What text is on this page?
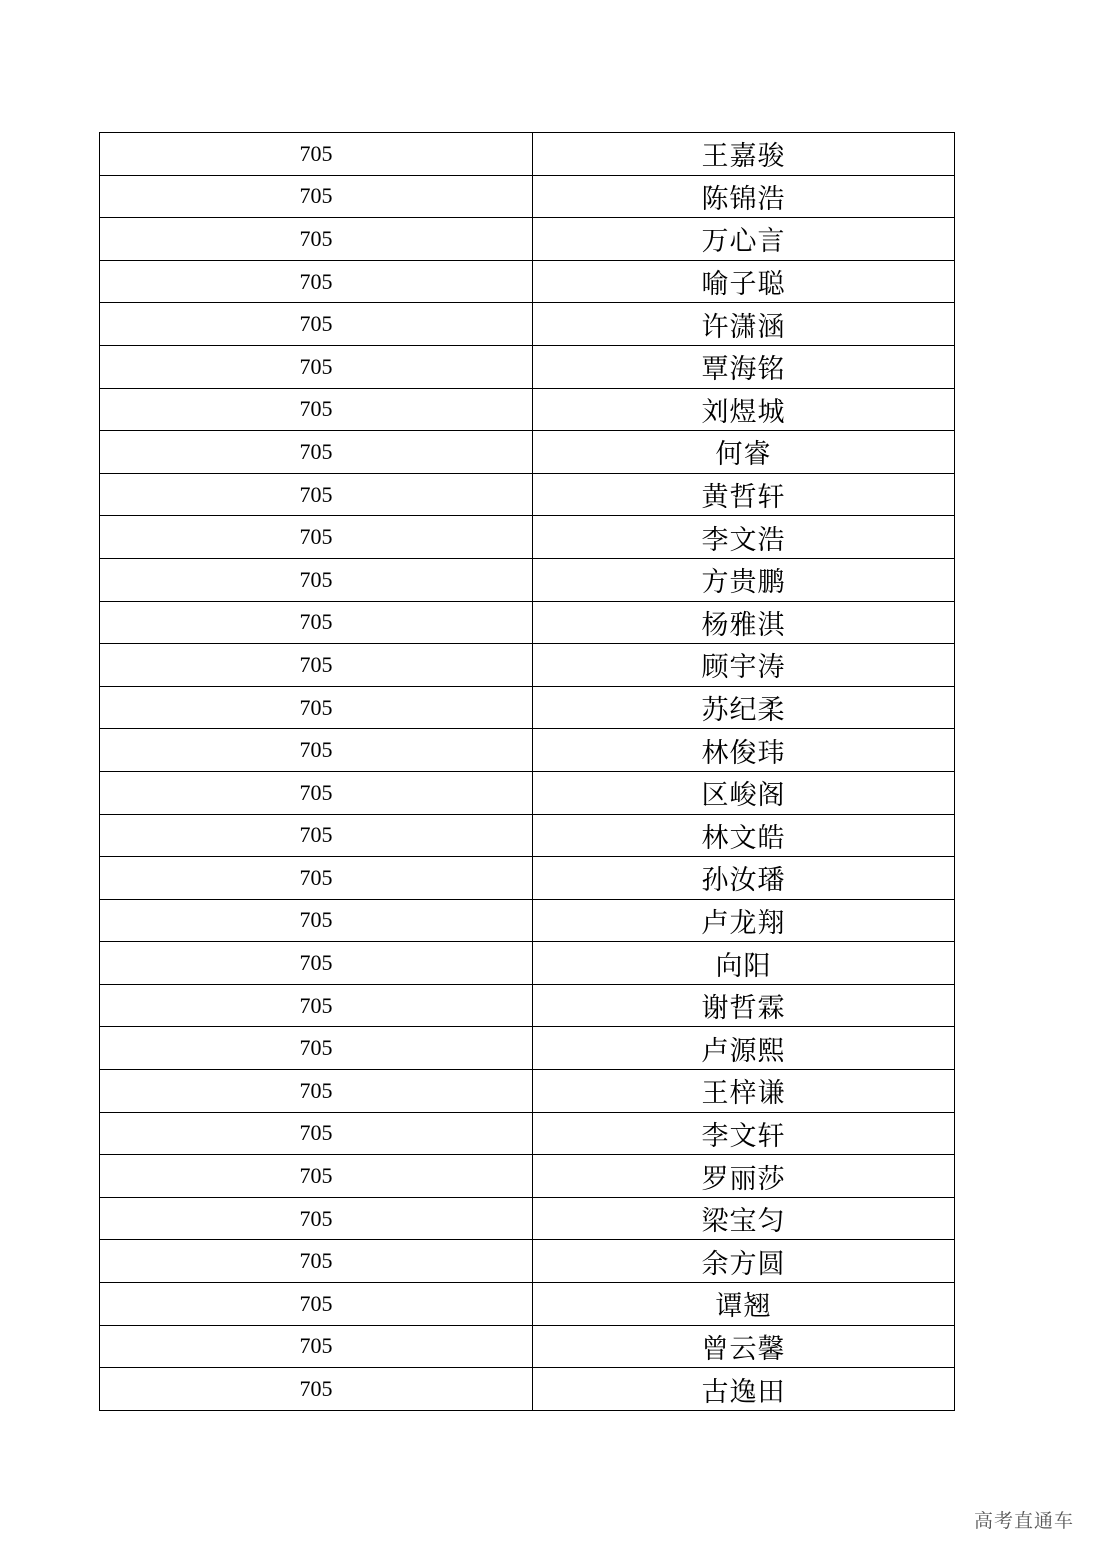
705	王嘉骏
705	陈锦浩
705	万心言
705	喻子聪
705	许潇涵
705	覃海铭
705	刘煜城
705	何睿
705	黄哲轩
705	李文浩
705	方贵鹏
705	杨雅淇
705	顾宇涛
705	苏纪柔
705	林俊玮
705	区峻阁
705	林文皓
705	孙汝璠
705	卢龙翔
705	向阳
705	谢哲霖
705	卢源熙
705	王梓谦
705	李文轩
705	罗丽莎
705	梁宝匀
705	余方圆
705	谭翘
705	曾云馨
705	古逸田
高考直通车
